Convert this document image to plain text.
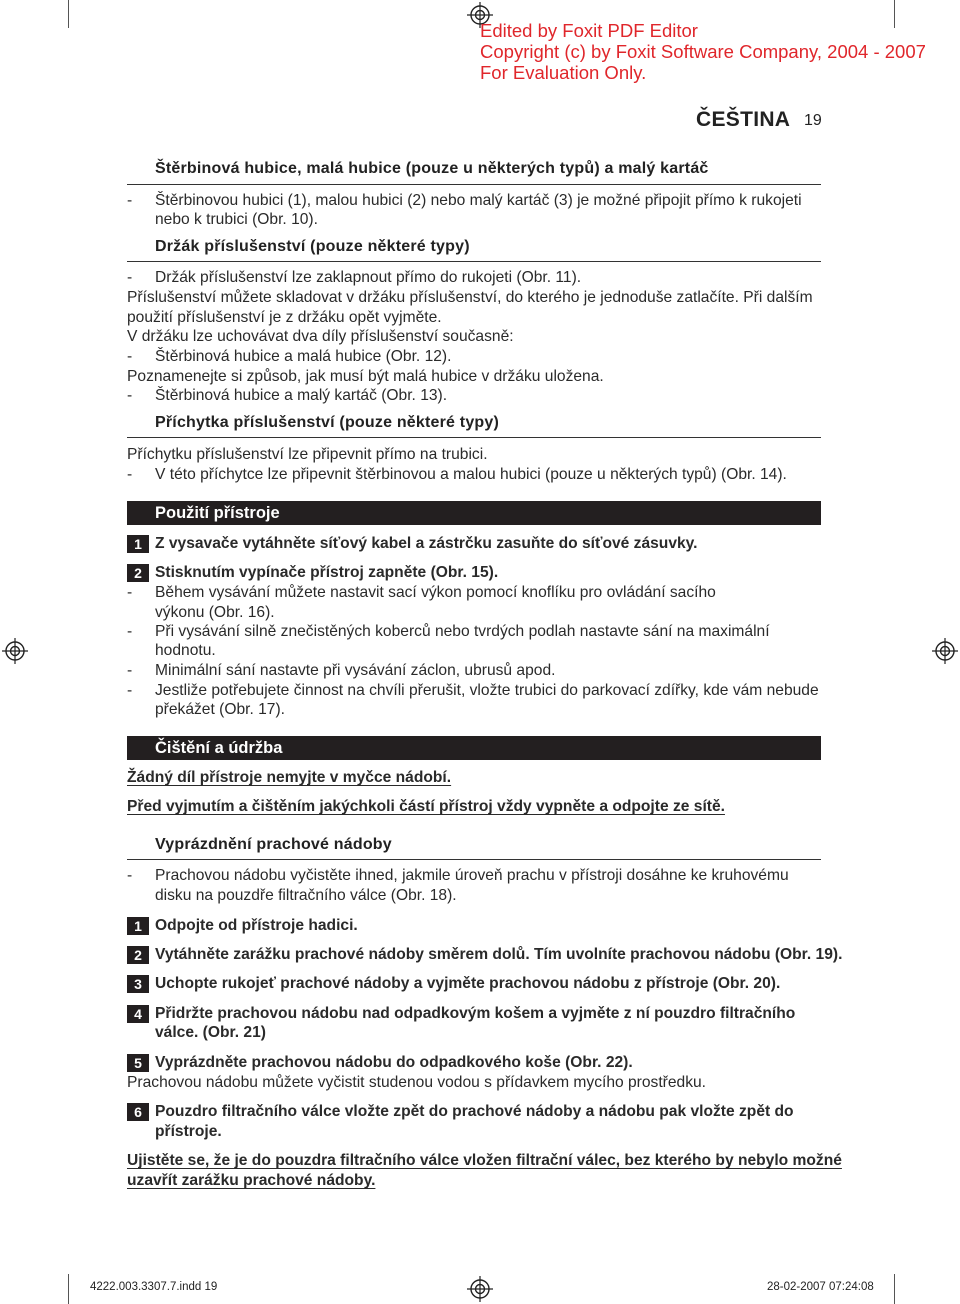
Edited by Foxit PDF Editor
Copyright (c) by Foxit Software Company, 2004 - 2007
For Evaluation Only.
ČEŠTINA 19
Štěrbinová hubice, malá hubice (pouze u některých typů) a malý kartáč
- Štěrbinovou hubici (1), malou hubici (2) nebo malý kartáč (3) je možné připojit přímo k rukojeti
nebo k trubici (Obr. 10).
Držák příslušenství (pouze některé typy)
- Držák příslušenství lze zaklapnout přímo do rukojeti (Obr. 11).
Příslušenství můžete skladovat v držáku příslušenství, do kterého je jednoduše zatlačíte. Při dalším
použití příslušenství je z držáku opět vyjměte.
V držáku lze uchovávat dva díly příslušenství současně:
- Štěrbinová hubice a malá hubice (Obr. 12).
Poznamenejte si způsob, jak musí být malá hubice v držáku uložena.
- Štěrbinová hubice a malý kartáč (Obr. 13).
Příchytka příslušenství (pouze některé typy)
Příchytku příslušenství lze připevnit přímo na trubici.
- V této příchytce lze připevnit štěrbinovou a malou hubici (pouze u některých typů) (Obr. 14).
Použití přístroje
1 Z vysavače vytáhněte síťový kabel a zástrčku zasuňte do síťové zásuvky.
2 Stisknutím vypínače přístroj zapněte (Obr. 15).
- Během vysávání můžete nastavit sací výkon pomocí knoflíku pro ovládání sacího
výkonu (Obr. 16).
- Při vysávání silně znečistěných koberců nebo tvrdých podlah nastavte sání na maximální
hodnotu.
- Minimální sání nastavte při vysávání záclon, ubrusů apod.
- Jestliže potřebujete činnost na chvíli přerušit, vložte trubici do parkovací zdířky, kde vám nebude
překážet (Obr. 17).
Čištění a údržba
Žádný díl přístroje nemyjte v myčce nádobí.
Před vyjmutím a čištěním jakýchkoli částí přístroj vždy vypněte a odpojte ze sítě.
Vyprázdnění prachové nádoby
- Prachovou nádobu vyčistěte ihned, jakmile úroveň prachu v přístroji dosáhne ke kruhovému
disku na pouzdře filtračního válce (Obr. 18).
1 Odpojte od přístroje hadici.
2 Vytáhněte zarážku prachové nádoby směrem dolů. Tím uvolníte prachovou nádobu (Obr. 19).
3 Uchopte rukojeť prachové nádoby a vyjměte prachovou nádobu z přístroje (Obr. 20).
4 Přidržte prachovou nádobu nad odpadkovým košem a vyjměte z ní pouzdro filtračního
válce. (Obr. 21)
5 Vyprázdněte prachovou nádobu do odpadkového koše (Obr. 22).
Prachovou nádobu můžete vyčistit studenou vodou s přídavkem mycího prostředku.
6 Pouzdro filtračního válce vložte zpět do prachové nádoby a nádobu pak vložte zpět do
přístroje.
Ujistěte se, že je do pouzdra filtračního válce vložen filtrační válec, bez kterého by nebylo možné
uzavřít zarážku prachové nádoby.
4222.003.3307.7.indd 19	28-02-2007 07:24:08
